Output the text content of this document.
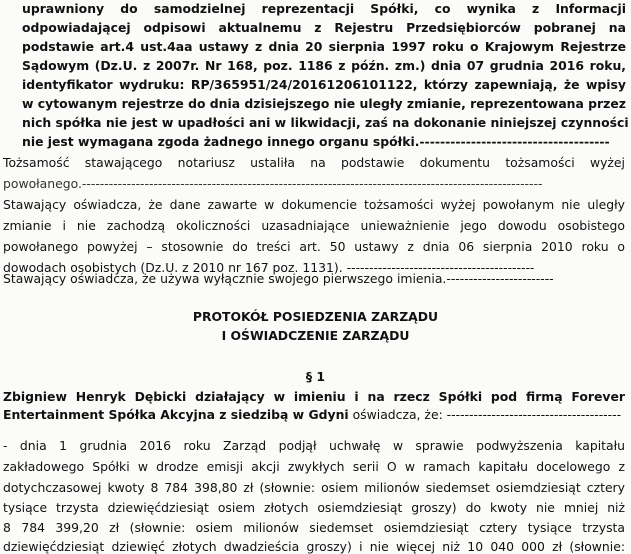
uprawniony do samodzielnej reprezentacji Spółki, co wynika z Informacji
odpowiadającej odpisowi aktualnemu z Rejestru Przedsiębiorców pobranej na
podstawie art.4 ust.4aa ustawy z dnia 20 sierpnia 1997 roku o Krajowym Rejestrze
Sądowym (Dz.U. z 2007r. Nr 168, poz. 1186 z późn. zm.) dnia 07 grudnia 2016 roku,
identyfikator wydruku: RP/365951/24/20161206101122, którzy zapewniają, że wpisy
w cytowanym rejestrze do dnia dzisiejszego nie uległy zmianie, reprezentowana przez
nich spółka nie jest w upadłości ani w likwidacji, zaś na dokonanie niniejszej czynności
nie jest wymagana zgoda żadnego innego organu spółki.-------------------------------------
Tożsamość stawającego notariusz ustaliła na podstawie dokumentu tożsamości wyżej
powołanego.-------------------------------------------------------------------------------------------------------
Stawający oświadcza, że dane zawarte w dokumencie tożsamości wyżej powołanym nie uległy
zmianie i nie zachodzą okoliczności uzasadniające unieważnienie jego dowodu osobistego
powołanego powyżej – stosownie do treści art. 50 ustawy z dnia 06 sierpnia 2010 roku o
dowodach osobistych (Dz.U. z 2010 nr 167 poz. 1131). ------------------------------------------
Stawający oświadcza, że używa wyłącznie swojego pierwszego imienia.------------------------
PROTOKÓŁ POSIEDZENIA ZARZĄDU
I OŚWIADCZENIE ZARZĄDU
§ 1
Zbigniew Henryk Dębicki działający w imieniu i na rzecz Spółki pod firmą Forever
Entertainment Spółka Akcyjna z siedzibą w Gdyni oświadcza, że: ---------------------------------------
- dnia 1 grudnia 2016 roku Zarząd podjął uchwałę w sprawie podwyższenia kapitału
zakładowego Spółki w drodze emisji akcji zwykłych serii O w ramach kapitału docelowego z
dotychczasowej kwoty 8 784 398,80 zł (słownie: osiem milionów siedemset osiemdziesiąt cztery
tysiące trzysta dziewięćdziesiąt osiem złotych osiemdziesiąt groszy) do kwoty nie mniej niż
8 784 399,20 zł (słownie: osiem milionów siedemset osiemdziesiąt cztery tysiące trzysta
dziewięćdziesiąt dziewięć złotych dwadzieścia groszy) i nie więcej niż 10 040 000 zł (słownie:
